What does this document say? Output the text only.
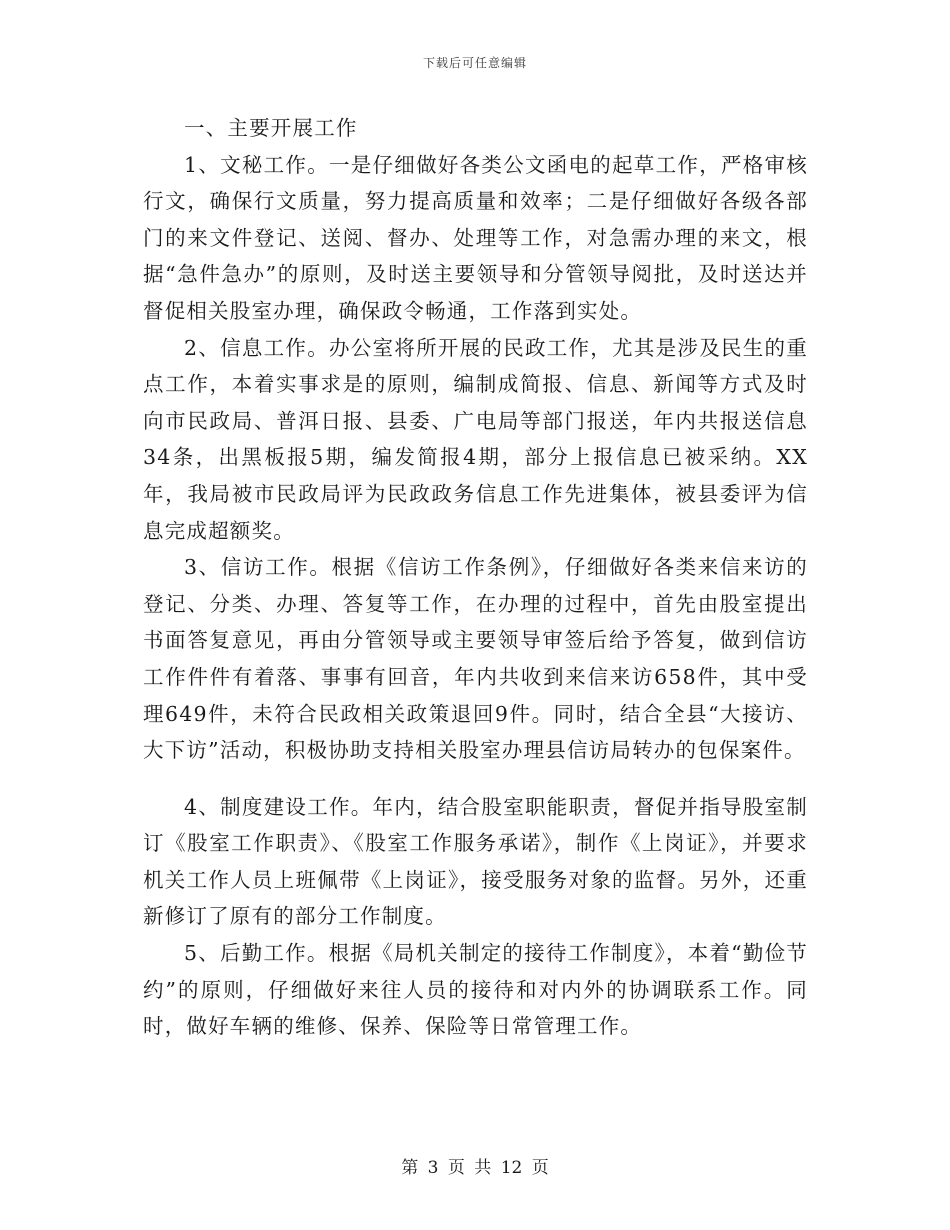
下载后可任意编辑

一、主要开展工作

1、文秘工作。一是仔细做好各类公文函电的起草工作，严格审核行文，确保行文质量，努力提高质量和效率；二是仔细做好各级各部门的来文件登记、送阅、督办、处理等工作，对急需办理的来文，根据“急件急办”的原则，及时送主要领导和分管领导阅批，及时送达并督促相关股室办理，确保政令畅通，工作落到实处。

2、信息工作。办公室将所开展的民政工作，尤其是涉及民生的重点工作，本着实事求是的原则，编制成简报、信息、新闻等方式及时向市民政局、普洱日报、县委、广电局等部门报送，年内共报送信息34条，出黑板报5期，编发简报4期，部分上报信息已被采纳。XX年，我局被市民政局评为民政政务信息工作先进集体，被县委评为信息完成超额奖。

3、信访工作。根据《信访工作条例》，仔细做好各类来信来访的登记、分类、办理、答复等工作，在办理的过程中，首先由股室提出书面答复意见，再由分管领导或主要领导审签后给予答复，做到信访工作件件有着落、事事有回音，年内共收到来信来访658件，其中受理649件，未符合民政相关政策退回9件。同时，结合全县“大接访、大下访”活动，积极协助支持相关股室办理县信访局转办的包保案件。

4、制度建设工作。年内，结合股室职能职责，督促并指导股室制订《股室工作职责》、《股室工作服务承诺》，制作《上岗证》，并要求机关工作人员上班佩带《上岗证》，接受服务对象的监督。另外，还重新修订了原有的部分工作制度。

5、后勤工作。根据《局机关制定的接待工作制度》，本着“勤俭节约”的原则，仔细做好来往人员的接待和对内外的协调联系工作。同时，做好车辆的维修、保养、保险等日常管理工作。

第 3 页 共 12 页
